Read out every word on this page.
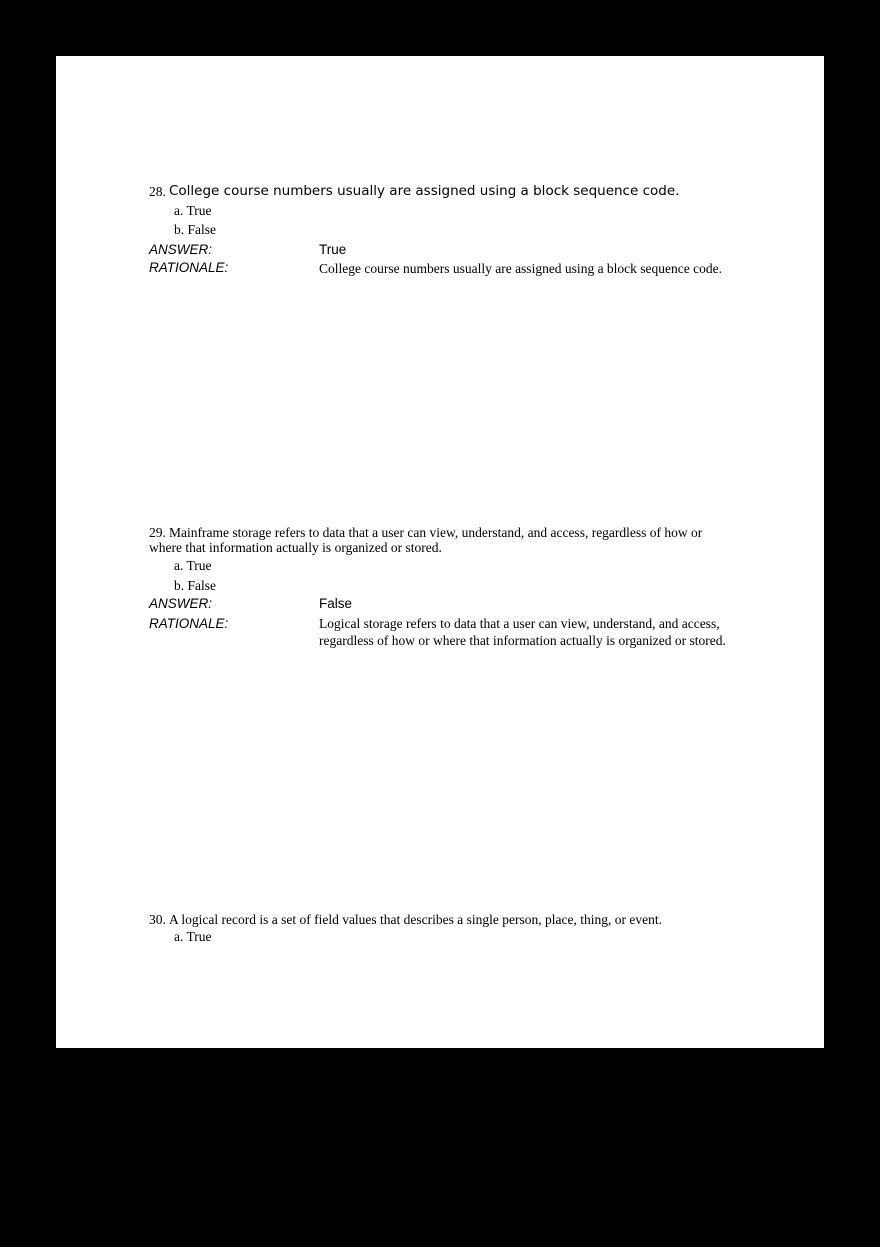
28. College course numbers usually are assigned using a block sequence code.
a. True
b. False
ANSWER:	True
RATIONALE:	College course numbers usually are assigned using a block sequence code.
29. Mainframe storage refers to data that a user can view, understand, and access, regardless of how or
where that information actually is organized or stored.
a. True
b. False
ANSWER:	False
RATIONALE:	Logical storage refers to data that a user can view, understand, and access, regardless of how or where that information actually is organized or stored.
30. A logical record is a set of field values that describes a single person, place, thing, or event.
a. True
